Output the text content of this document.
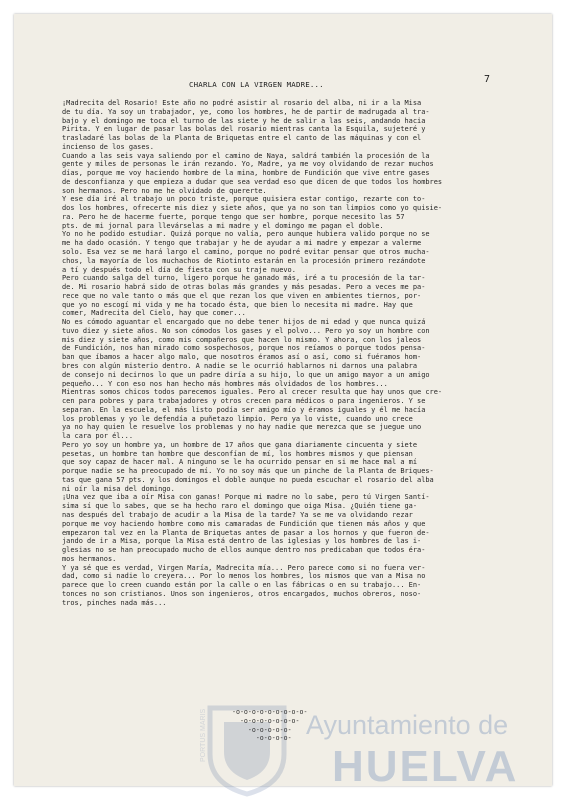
7
CHARLA CON LA VIRGEN MADRE...
¡Madrecita del Rosario! Este año no podré asistir al rosario del alba, ni ir a la Misa
de tu día. Ya soy un trabajador, ye, como los hombres, he de partir de madrugada al tra-
bajo y el domingo me toca el turno de las siete y he de salir a las seis, andando hacia
Pirita. Y en lugar de pasar las bolas del rosario mientras canta la Esquila, sujeteré y
trasladaré las bolas de la Planta de Briquetas entre el canto de las máquinas y con el
incienso de los gases.
Cuando a las seis vaya saliendo por el camino de Naya, saldrá también la procesión de la
gente y miles de personas le irán rezando. Yo, Madre, ya me voy olvidando de rezar muchos
días, porque me voy haciendo hombre de la mina, hombre de Fundición que vive entre gases
de desconfianza y que empieza a dudar que sea verdad eso que dicen de que todos los hombres
son hermanos. Pero no me he olvidado de quererte.
Y ese día iré al trabajo un poco triste, porque quisiera estar contigo, rezarte con to-
dos los hombres, ofrecerte mis diez y siete años, que ya no son tan limpios como yo quisie-
ra. Pero he de hacerme fuerte, porque tengo que ser hombre, porque necesito las 57
pts. de mi jornal para llevárselas a mi madre y el domingo me pagan el doble.
Yo no he podido estudiar. Quizá porque no valía, pero aunque hubiera valido porque no se
me ha dado ocasión. Y tengo que trabajar y he de ayudar a mi madre y empezar a valerme
solo. Esa vez se me hará largo el camino, porque no podré evitar pensar que otros mucha-
chos, la mayoría de los muchachos de Riotinto estarán en la procesión primero rezándote
a tí y después todo el día de fiesta con su traje nuevo.
Pero cuando salga del turno, ligero porque he ganado más, iré a tu procesión de la tar-
de. Mi rosario habrá sido de otras bolas más grandes y más pesadas. Pero a veces me pa-
rece que no vale tanto o más que el que rezan los que viven en ambientes tiernos, por-
que yo no escogí mi vida y me ha tocado ésta, que bien lo necesita mi madre. Hay que
comer, Madrecita del Cielo, hay que comer...
No es cómodo aguantar el encargado que no debe tener hijos de mi edad y que nunca quizá
tuvo diez y siete años. No son cómodos los gases y el polvo... Pero yo soy un hombre con
mis diez y siete años, como mis compañeros que hacen lo mismo. Y ahora, con los jaleos
de Fundición, nos han mirado como sospechosos, porque nos reíamos o porque todos pensa-
ban que íbamos a hacer algo malo, que nosotros éramos así o así, como si fuéramos hom-
bres con algún misterio dentro. A nadie se le ocurrió hablarnos ni darnos una palabra
de consejo ni decirnos lo que un padre diría a su hijo, lo que un amigo mayor a un amigo
pequeño... Y con eso nos han hecho más hombres más olvidados de los hombres...
Mientras somos chicos todos parecemos iguales. Pero al crecer resulta que hay unos que cre-
cen para pobres y para trabajadores y otros crecen para médicos o para ingenieros. Y se
separan. En la escuela, el más listo podía ser amigo mío y éramos iguales y él me hacía
los problemas y yo le defendía a puñetazo limpio. Pero ya lo viste, cuando uno crece
ya no hay quien le resuelve los problemas y no hay nadie que merezca que se juegue uno
la cara por él...
Pero yo soy un hombre ya, un hombre de 17 años que gana diariamente cincuenta y siete
pesetas, un hombre tan hombre que desconfían de mí, los hombres mismos y que piensan
que soy capaz de hacer mal. A ninguno se le ha ocurrido pensar en si me hace mal a mí
porque nadie se ha preocupado de mí. Yo no soy más que un pinche de la Planta de Briques-
tas que gana 57 pts. y los domingos el doble aunque no pueda escuchar el rosario del alba
ni oír la misa del domingo.
¡Una vez que iba a oír Misa con ganas! Porque mi madre no lo sabe, pero tú Virgen Santí-
sima sí que lo sabes, que se ha hecho raro el domingo que oiga Misa. ¿Quién tiene ga-
nas después del trabajo de acudir a la Misa de la tarde? Ya se me va olvidando rezar
porque me voy haciendo hombre como mis camaradas de Fundición que tienen más años y que
empezaron tal vez en la Planta de Briquetas antes de pasar a los hornos y que fueron de-
jando de ir a Misa, porque la Misa está dentro de las iglesias y los hombres de las i-
glesias no se han preocupado mucho de ellos aunque dentro nos predicaban que todos éra-
mos hermanos.
Y ya sé que es verdad, Virgen María, Madrecita mía... Pero parece como si no fuera ver-
dad, como si nadie lo creyera... Por lo menos los hombres, los mismos que van a Misa no
parece que lo creen cuando están por la calle o en las fábricas o en su trabajo... En-
tonces no son cristianos. Unos son ingenieros, otros encargados, muchos obreros, noso-
tros, pinches nada más...
PORTUS MARIS	Ayuntamiento de
HUELVA
-o-o-o-o-o-o-o-o-o-
-o-o-o-o-o-o-o-
-o-o-o-o-o-
-o-o-o-o-
